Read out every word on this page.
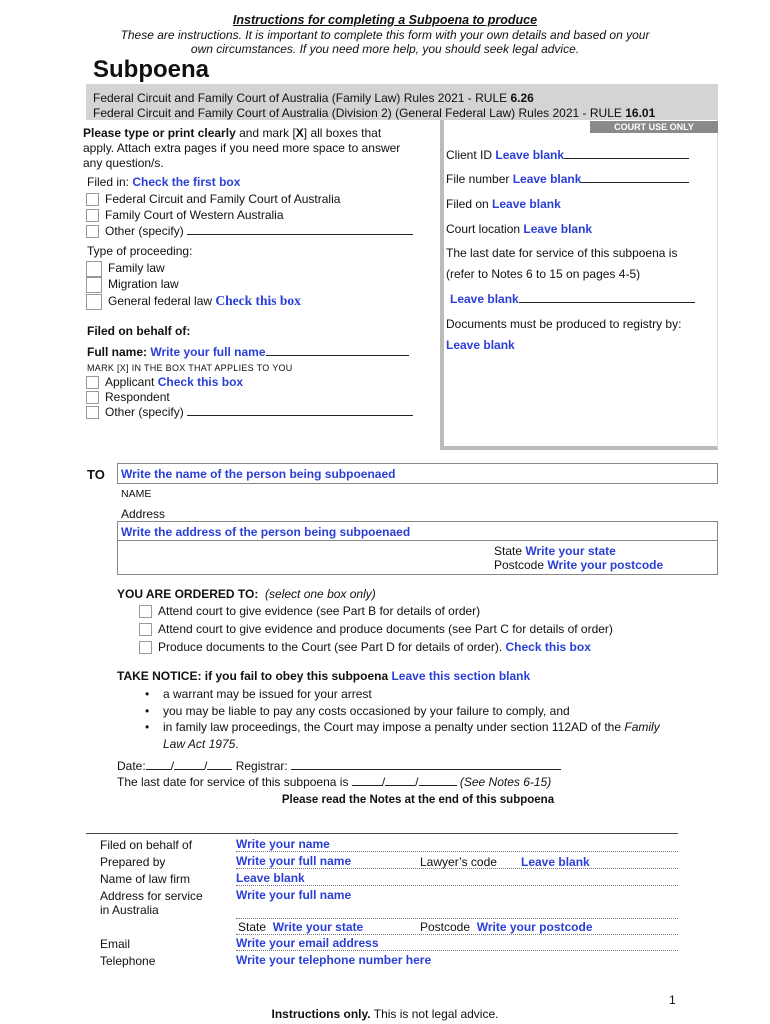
Instructions for completing a Subpoena to produce
These are instructions. It is important to complete this form with your own details and based on your
own circumstances. If you need more help, you should seek legal advice.
Subpoena
Federal Circuit and Family Court of Australia (Family Law) Rules 2021 - RULE 6.26
Federal Circuit and Family Court of Australia (Division 2) (General Federal Law) Rules 2021 - RULE 16.01
COURT USE ONLY
Client ID Leave blank
File number Leave blank
Filed on Leave blank
Court location Leave blank
The last date for service of this subpoena is
(refer to Notes 6 to 15 on pages 4-5)
Leave blank
Documents must be produced to registry by:
Leave blank
Please type or print clearly and mark [X] all boxes that
apply. Attach extra pages if you need more space to answer
any question/s.
Filed in: Check the first box
Federal Circuit and Family Court of Australia
Family Court of Western Australia
Other (specify)
Type of proceeding:
Family law
Migration law
General federal law Check this box
Filed on behalf of:
Full name: Write your full name
MARK [X] IN THE BOX THAT APPLIES TO YOU
Applicant Check this box
Respondent
Other (specify)
TO	Write the name of the person being subpoenaed
NAME
Address
Write the address of the person being subpoenaed
State Write your state
Postcode Write your postcode
YOU ARE ORDERED TO: (select one box only)
Attend court to give evidence (see Part B for details of order)
Attend court to give evidence and produce documents (see Part C for details of order)
Produce documents to the Court (see Part D for details of order). Check this box
TAKE NOTICE: if you fail to obey this subpoena Leave this section blank
• a warrant may be issued for your arrest
• you may be liable to pay any costs occasioned by your failure to comply, and
• in family law proceedings, the Court may impose a penalty under section 112AD of the Family
Law Act 1975.
Date: /	/ Registrar:
The last date for service of this subpoena is	/	/	(See Notes 6-15)
Please read the Notes at the end of this subpoena
Filed on behalf of	Write your name
Prepared by	Write your full name	Lawyer’s code Leave blank
Name of law firm	Leave blank
Address for service
in Australia
Write your full name
State Write your state	Postcode Write your postcode
Email	Write your email address
Telephone	Write your telephone number here
1
Instructions only. This is not legal advice.
